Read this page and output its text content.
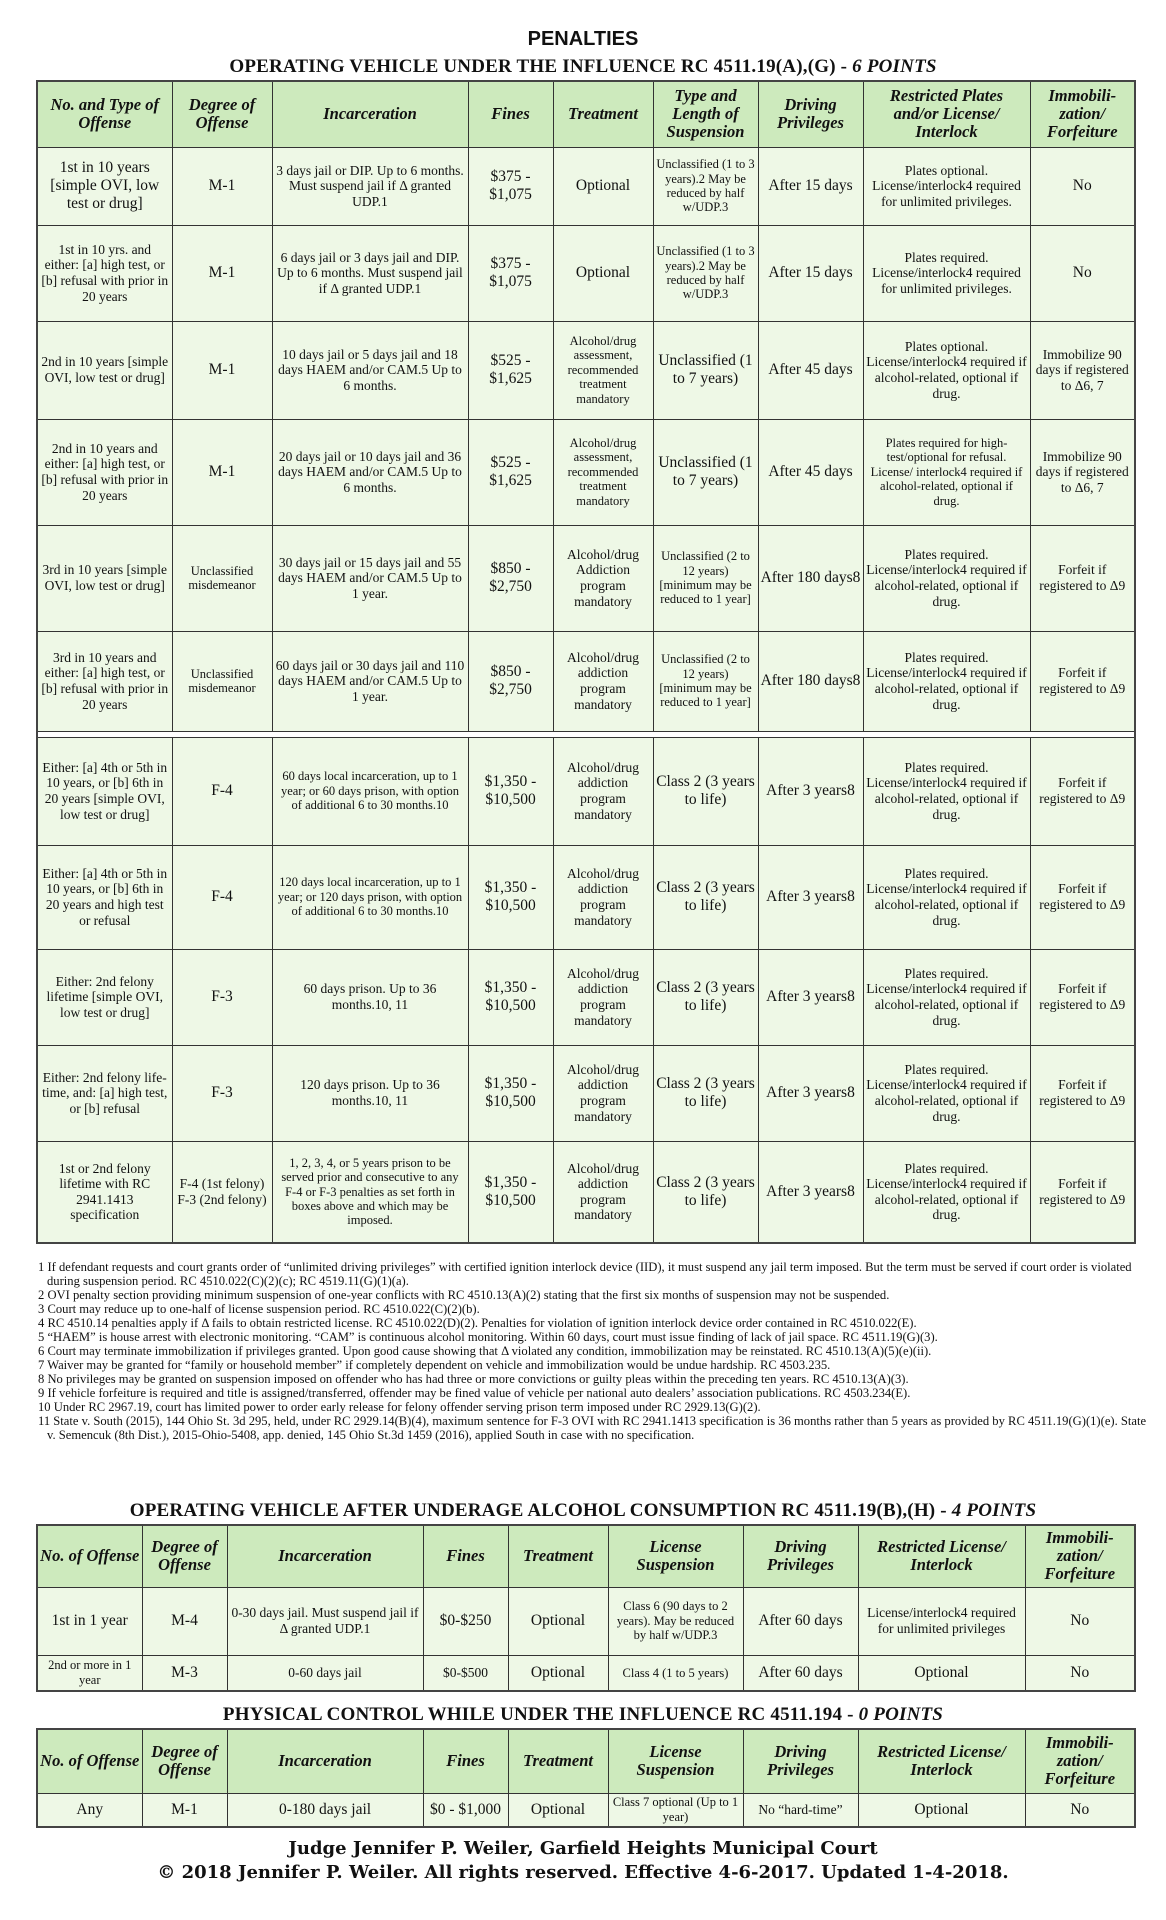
PENALTIES
OPERATING VEHICLE UNDER THE INFLUENCE RC 4511.19(A),(G) - 6 POINTS
No. and Type of Offense	Degree of Offense	Incarceration	Fines	Treatment	Type and Length of Suspension	Driving Privileges	Restricted Plates and/or License/ Interlock	Immobili-zation/ Forfeiture
1st in 10 years [simple OVI, low test or drug]	M-1	3 days jail or DIP. Up to 6 months. Must suspend jail if Δ granted UDP.1	$375 - $1,075	Optional	Unclassified (1 to 3 years).2 May be reduced by half w/UDP.3	After 15 days	Plates optional. License/interlock4 required for unlimited privileges.	No
1st in 10 yrs. and either: [a] high test, or [b] refusal with prior in 20 years	M-1	6 days jail or 3 days jail and DIP. Up to 6 months. Must suspend jail if Δ granted UDP.1	$375 - $1,075	Optional	Unclassified (1 to 3 years).2 May be reduced by half w/UDP.3	After 15 days	Plates required. License/interlock4 required for unlimited privileges.	No
2nd in 10 years [simple OVI, low test or drug]	M-1	10 days jail or 5 days jail and 18 days HAEM and/or CAM.5 Up to 6 months.	$525 - $1,625	Alcohol/drug assessment, recommended treatment mandatory	Unclassified (1 to 7 years)	After 45 days	Plates optional. License/interlock4 required if alcohol-related, optional if drug.	Immobilize 90 days if registered to Δ6, 7
2nd in 10 years and either: [a] high test, or [b] refusal with prior in 20 years	M-1	20 days jail or 10 days jail and 36 days HAEM and/or CAM.5 Up to 6 months.	$525 - $1,625	Alcohol/drug assessment, recommended treatment mandatory	Unclassified (1 to 7 years)	After 45 days	Plates required for high-test/optional for refusal. License/ interlock4 required if alcohol-related, optional if drug.	Immobilize 90 days if registered to Δ6, 7
3rd in 10 years [simple OVI, low test or drug]	Unclassified misdemeanor	30 days jail or 15 days jail and 55 days HAEM and/or CAM.5 Up to 1 year.	$850 - $2,750	Alcohol/drug Addiction program mandatory	Unclassified (2 to 12 years) [minimum may be reduced to 1 year]	After 180 days8	Plates required. License/interlock4 required if alcohol-related, optional if drug.	Forfeit if registered to Δ9
3rd in 10 years and either: [a] high test, or [b] refusal with prior in 20 years	Unclassified misdemeanor	60 days jail or 30 days jail and 110 days HAEM and/or CAM.5 Up to 1 year.	$850 - $2,750	Alcohol/drug addiction program mandatory	Unclassified (2 to 12 years) [minimum may be reduced to 1 year]	After 180 days8	Plates required. License/interlock4 required if alcohol-related, optional if drug.	Forfeit if registered to Δ9

Either: [a] 4th or 5th in 10 years, or [b] 6th in 20 years [simple OVI, low test or drug]	F-4	60 days local incarceration, up to 1 year; or 60 days prison, with option of additional 6 to 30 months.10	$1,350 - $10,500	Alcohol/drug addiction program mandatory	Class 2 (3 years to life)	After 3 years8	Plates required. License/interlock4 required if alcohol-related, optional if drug.	Forfeit if registered to Δ9
Either: [a] 4th or 5th in 10 years, or [b] 6th in 20 years and high test or refusal	F-4	120 days local incarceration, up to 1 year; or 120 days prison, with option of additional 6 to 30 months.10	$1,350 - $10,500	Alcohol/drug addiction program mandatory	Class 2 (3 years to life)	After 3 years8	Plates required. License/interlock4 required if alcohol-related, optional if drug.	Forfeit if registered to Δ9
Either: 2nd felony lifetime [simple OVI, low test or drug]	F-3	60 days prison. Up to 36 months.10, 11	$1,350 - $10,500	Alcohol/drug addiction program mandatory	Class 2 (3 years to life)	After 3 years8	Plates required. License/interlock4 required if alcohol-related, optional if drug.	Forfeit if registered to Δ9
Either: 2nd felony life-time, and: [a] high test, or [b] refusal	F-3	120 days prison. Up to 36 months.10, 11	$1,350 - $10,500	Alcohol/drug addiction program mandatory	Class 2 (3 years to life)	After 3 years8	Plates required. License/interlock4 required if alcohol-related, optional if drug.	Forfeit if registered to Δ9
1st or 2nd felony lifetime with RC 2941.1413 specification	F-4 (1st felony) F-3 (2nd felony)	1, 2, 3, 4, or 5 years prison to be served prior and consecutive to any F-4 or F-3 penalties as set forth in boxes above and which may be imposed.	$1,350 - $10,500	Alcohol/drug addiction program mandatory	Class 2 (3 years to life)	After 3 years8	Plates required. License/interlock4 required if alcohol-related, optional if drug.	Forfeit if registered to Δ9
1 If defendant requests and court grants order of “unlimited driving privileges” with certified ignition interlock device (IID), it must suspend any jail term imposed. But the term must be served if court order is violated during suspension period. RC 4510.022(C)(2)(c); RC 4519.11(G)(1)(a).
2 OVI penalty section providing minimum suspension of one-year conflicts with RC 4510.13(A)(2) stating that the first six months of suspension may not be suspended.
3 Court may reduce up to one-half of license suspension period. RC 4510.022(C)(2)(b).
4 RC 4510.14 penalties apply if Δ fails to obtain restricted license. RC 4510.022(D)(2). Penalties for violation of ignition interlock device order contained in RC 4510.022(E).
5 “HAEM” is house arrest with electronic monitoring. “CAM” is continuous alcohol monitoring. Within 60 days, court must issue finding of lack of jail space. RC 4511.19(G)(3).
6 Court may terminate immobilization if privileges granted. Upon good cause showing that Δ violated any condition, immobilization may be reinstated. RC 4510.13(A)(5)(e)(ii).
7 Waiver may be granted for “family or household member” if completely dependent on vehicle and immobilization would be undue hardship. RC 4503.235.
8 No privileges may be granted on suspension imposed on offender who has had three or more convictions or guilty pleas within the preceding ten years. RC 4510.13(A)(3).
9 If vehicle forfeiture is required and title is assigned/transferred, offender may be fined value of vehicle per national auto dealers’ association publications. RC 4503.234(E).
10 Under RC 2967.19, court has limited power to order early release for felony offender serving prison term imposed under RC 2929.13(G)(2).
11 State v. South (2015), 144 Ohio St. 3d 295, held, under RC 2929.14(B)(4), maximum sentence for F-3 OVI with RC 2941.1413 specification is 36 months rather than 5 years as provided by RC 4511.19(G)(1)(e). State v. Semencuk (8th Dist.), 2015-Ohio-5408, app. denied, 145 Ohio St.3d 1459 (2016), applied South in case with no specification.
OPERATING VEHICLE AFTER UNDERAGE ALCOHOL CONSUMPTION RC 4511.19(B),(H) - 4 POINTS
No. of Offense	Degree of Offense	Incarceration	Fines	Treatment	License Suspension	Driving Privileges	Restricted License/ Interlock	Immobili-zation/ Forfeiture
1st in 1 year	M-4	0-30 days jail. Must suspend jail if Δ granted UDP.1	$0-$250	Optional	Class 6 (90 days to 2 years). May be reduced by half w/UDP.3	After 60 days	License/interlock4 required for unlimited privileges	No
2nd or more in 1 year	M-3	0-60 days jail	$0-$500	Optional	Class 4 (1 to 5 years)	After 60 days	Optional	No
PHYSICAL CONTROL WHILE UNDER THE INFLUENCE RC 4511.194 - 0 POINTS
No. of Offense	Degree of Offense	Incarceration	Fines	Treatment	License Suspension	Driving Privileges	Restricted License/ Interlock	Immobili-zation/ Forfeiture
Any	M-1	0-180 days jail	$0 - $1,000	Optional	Class 7 optional (Up to 1 year)	No “hard-time”	Optional	No
Judge Jennifer P. Weiler, Garfield Heights Municipal Court
© 2018 Jennifer P. Weiler. All rights reserved. Effective 4-6-2017. Updated 1-4-2018.
